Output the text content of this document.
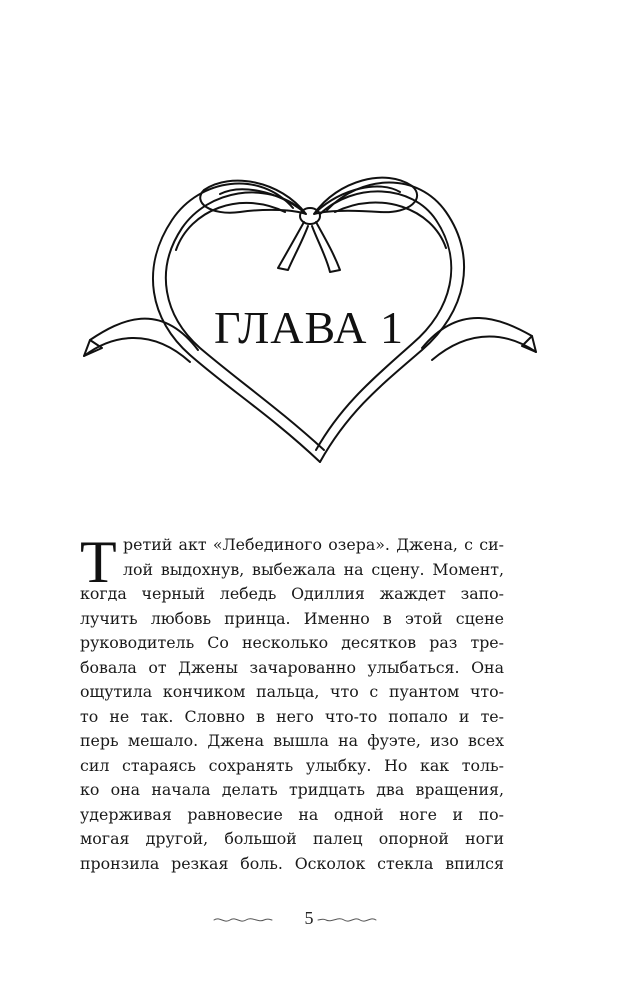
ГЛАВА 1
Т ретий акт «Лебединого озера». Джена, с си-
лой выдохнув, выбежала на сцену. Момент,
когда черный лебедь Одиллия жаждет запо-
лучить любовь принца. Именно в этой сцене
руководитель Со несколько десятков раз тре-
бовала от Джены зачарованно улыбаться. Она
ощутила кончиком пальца, что с пуантом что-
то не так. Словно в него что-то попало и те-
перь мешало. Джена вышла на фуэте, изо всех
сил стараясь сохранять улыбку. Но как толь-
ко она начала делать тридцать два вращения,
удерживая равновесие на одной ноге и по-
могая другой, большой палец опорной ноги
пронзила резкая боль. Осколок стекла впился
5
